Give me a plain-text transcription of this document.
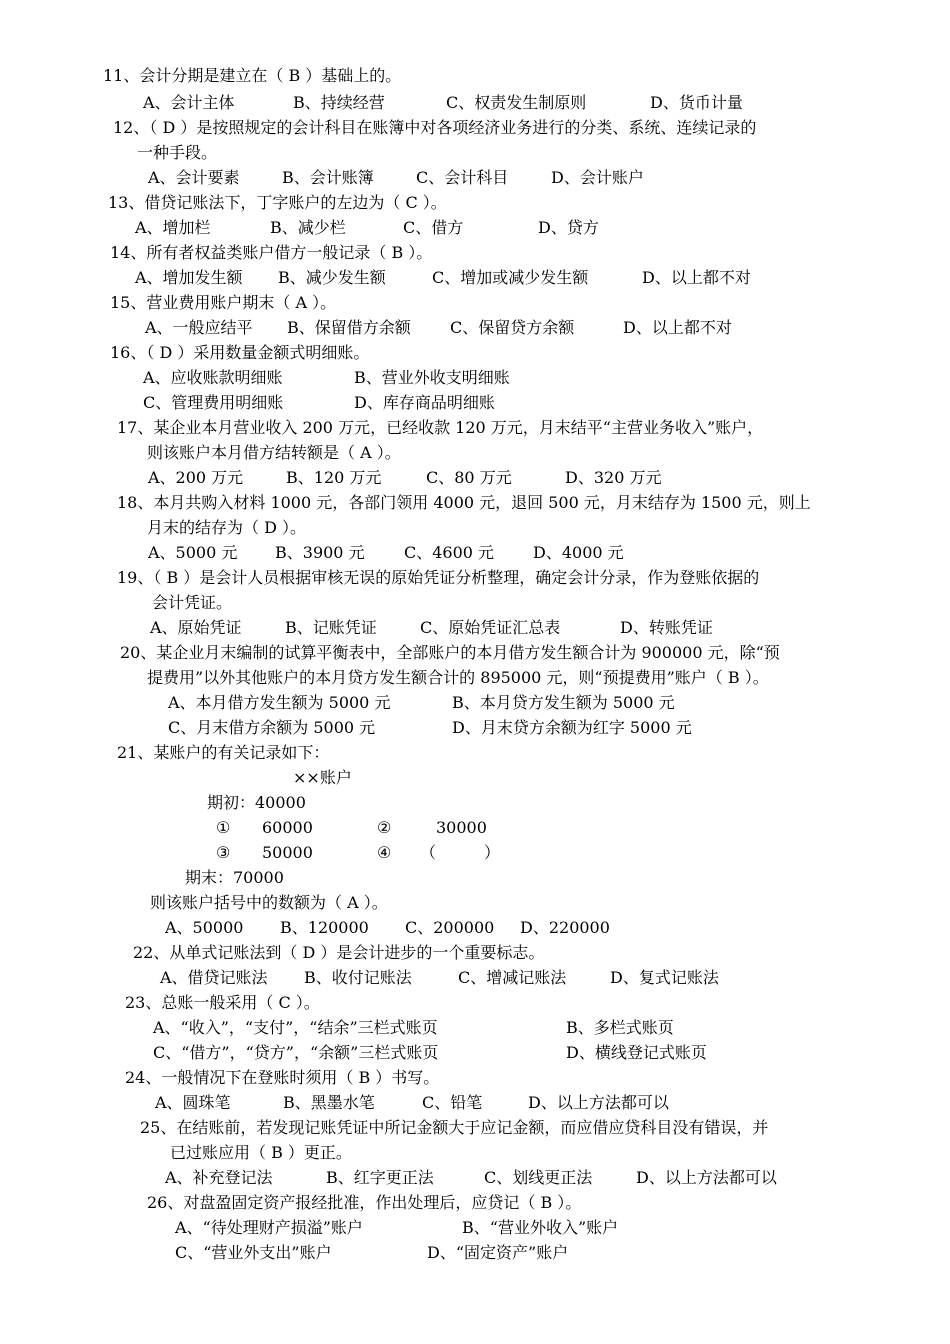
11、会计分期是建立在（ B ）基础上的。
A、会计主体	B、持续经营	C、权责发生制原则	D、货币计量
12、（ D ）是按照规定的会计科目在账簿中对各项经济业务进行的分类、系统、连续记录的
一种手段。
A、会计要素	B、会计账簿	C、会计科目	D、会计账户
13、借贷记账法下，丁字账户的左边为（ C ）。
A、增加栏	B、减少栏	C、借方	D、贷方
14、所有者权益类账户借方一般记录（ B ）。
A、增加发生额 B、减少发生额	C、增加或减少发生额	D、以上都不对
15、营业费用账户期末（ A ）。
A、一般应结平 B、保留借方余额 C、保留贷方余额	D、以上都不对
16、（ D ）采用数量金额式明细账。
A、应收账款明细账	B、营业外收支明细账
C、管理费用明细账	D、库存商品明细账
17、某企业本月营业收入 200 万元，已经收款 120 万元，月末结平“主营业务收入”账户，
则该账户本月借方结转额是（ A ）。
A、200 万元	B、120 万元	C、80 万元	D、320 万元
18、本月共购入材料 1000 元，各部门领用 4000 元，退回 500 元，月末结存为 1500 元，则上
月末的结存为（ D ）。
A、5000 元 B、3900 元 C、4600 元 D、4000 元
19、（ B ）是会计人员根据审核无误的原始凭证分析整理，确定会计分录，作为登账依据的
会计凭证。
A、原始凭证	B、记账凭证	C、原始凭证汇总表	D、转账凭证
20、某企业月末编制的试算平衡表中，全部账户的本月借方发生额合计为 900000 元，除“预
提费用”以外其他账户的本月贷方发生额合计的 895000 元，则“预提费用”账户（ B ）。
A、本月借方发生额为 5000 元	B、本月贷方发生额为 5000 元
C、月末借方余额为 5000 元	D、月末贷方余额为红字 5000 元
21、某账户的有关记录如下：
××账户
期初：40000
① 60000	②	30000
③ 50000	④ （　　　）
期末：70000
则该账户括号中的数额为（ A ）。
A、50000 B、120000 C、200000 D、220000
22、从单式记账法到（ D ）是会计进步的一个重要标志。
A、借贷记账法 B、收付记账法	C、增减记账法	D、复式记账法
23、总账一般采用（ C ）。
A、“收入”，“支付”，“结余”三栏式账页	B、多栏式账页
C、“借方”，“贷方”，“余额”三栏式账页	D、横线登记式账页
24、一般情况下在登账时须用（ B ）书写。
A、圆珠笔	B、黑墨水笔	C、铅笔	D、以上方法都可以
25、在结账前，若发现记账凭证中所记金额大于应记金额，而应借应贷科目没有错误，并
已过账应用（ B ）更正。
A、补充登记法	B、红字更正法	C、划线更正法	D、以上方法都可以
26、对盘盈固定资产报经批准，作出处理后，应贷记（ B ）。
A、“待处理财产损溢”账户	B、“营业外收入”账户
C、“营业外支出”账户	D、“固定资产”账户
